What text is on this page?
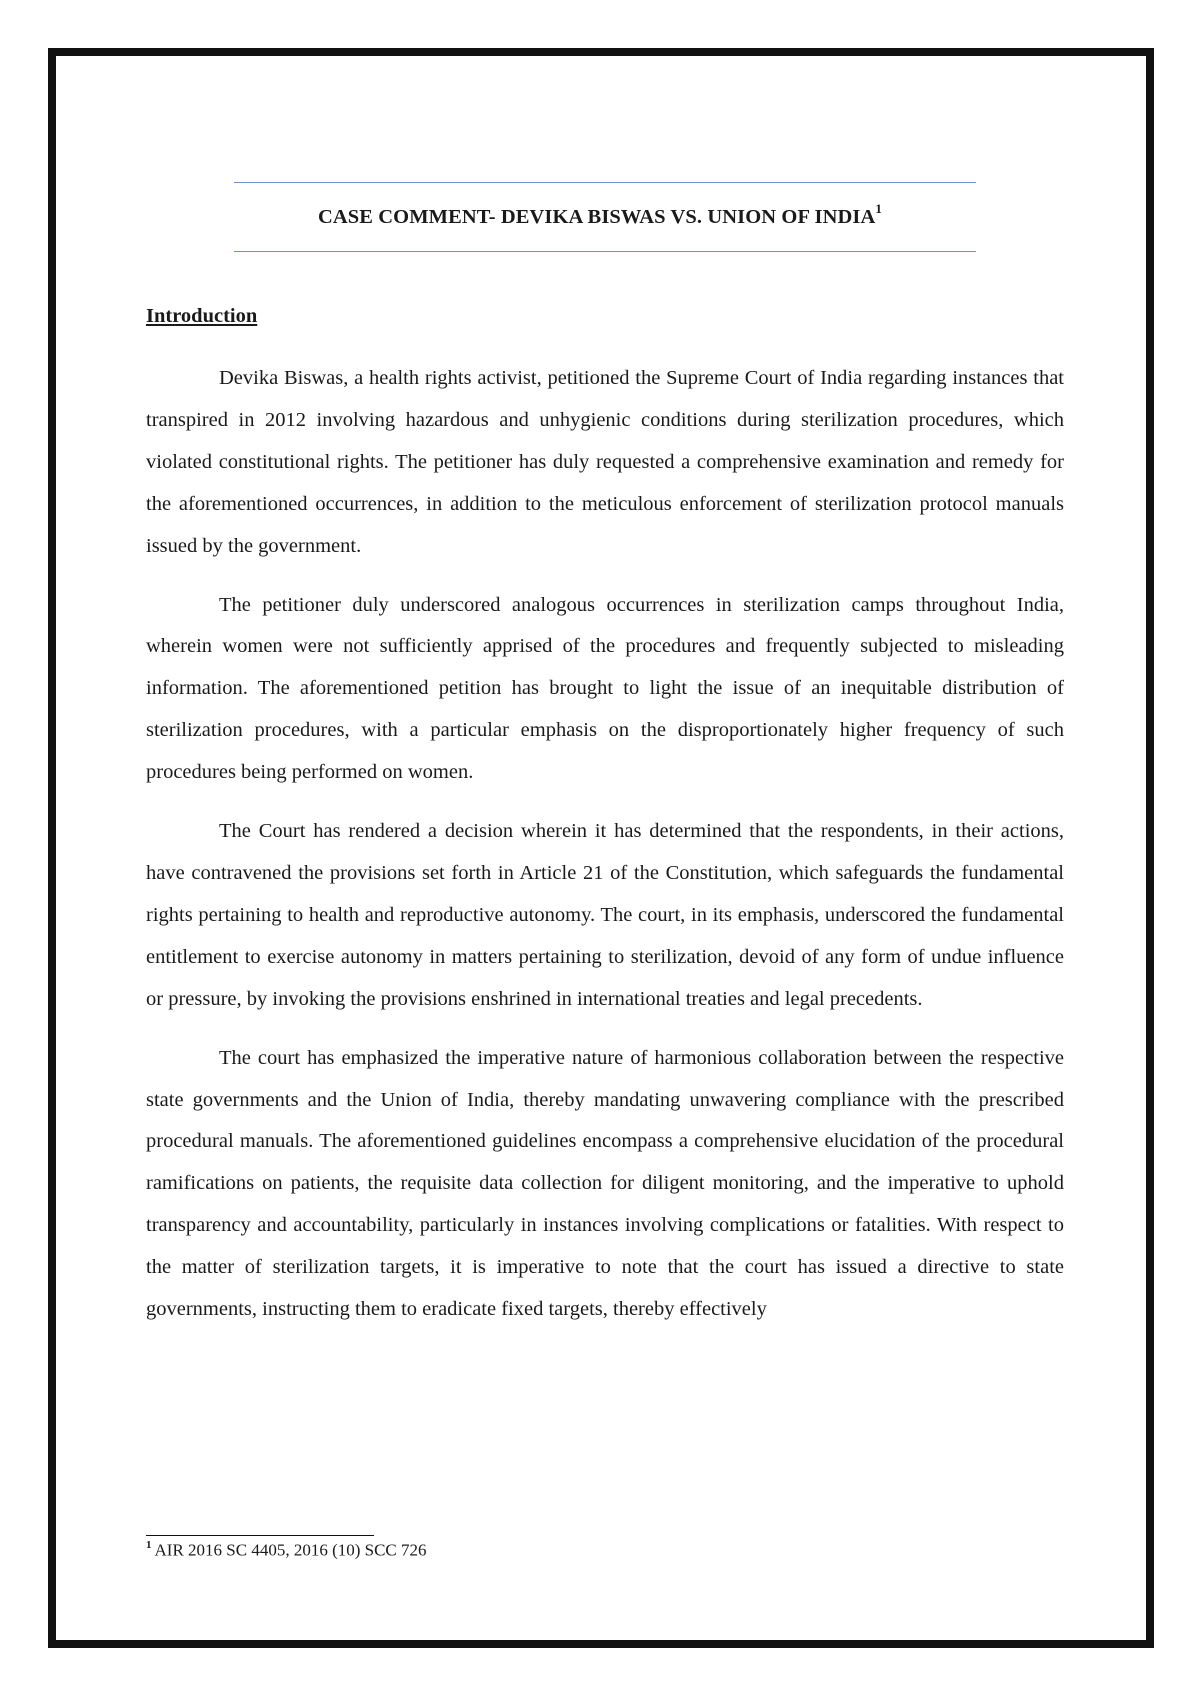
CASE COMMENT- DEVIKA BISWAS VS. UNION OF INDIA$^1$
Introduction

Devika Biswas, a health rights activist, petitioned the Supreme Court of India regarding instances that transpired in 2012 involving hazardous and unhygienic conditions during sterilization procedures, which violated constitutional rights. The petitioner has duly requested a comprehensive examination and remedy for the aforementioned occurrences, in addition to the meticulous enforcement of sterilization protocol manuals issued by the government.

The petitioner duly underscored analogous occurrences in sterilization camps throughout India, wherein women were not sufficiently apprised of the procedures and frequently subjected to misleading information. The aforementioned petition has brought to light the issue of an inequitable distribution of sterilization procedures, with a particular emphasis on the disproportionately higher frequency of such procedures being performed on women.

The Court has rendered a decision wherein it has determined that the respondents, in their actions, have contravened the provisions set forth in Article 21 of the Constitution, which safeguards the fundamental rights pertaining to health and reproductive autonomy. The court, in its emphasis, underscored the fundamental entitlement to exercise autonomy in matters pertaining to sterilization, devoid of any form of undue influence or pressure, by invoking the provisions enshrined in international treaties and legal precedents.

The court has emphasized the imperative nature of harmonious collaboration between the respective state governments and the Union of India, thereby mandating unwavering compliance with the prescribed procedural manuals. The aforementioned guidelines encompass a comprehensive elucidation of the procedural ramifications on patients, the requisite data collection for diligent monitoring, and the imperative to uphold transparency and accountability, particularly in instances involving complications or fatalities. With respect to the matter of sterilization targets, it is imperative to note that the court has issued a directive to state governments, instructing them to eradicate fixed targets, thereby effectively

$^1$ AIR 2016 SC 4405, 2016 (10) SCC 726
